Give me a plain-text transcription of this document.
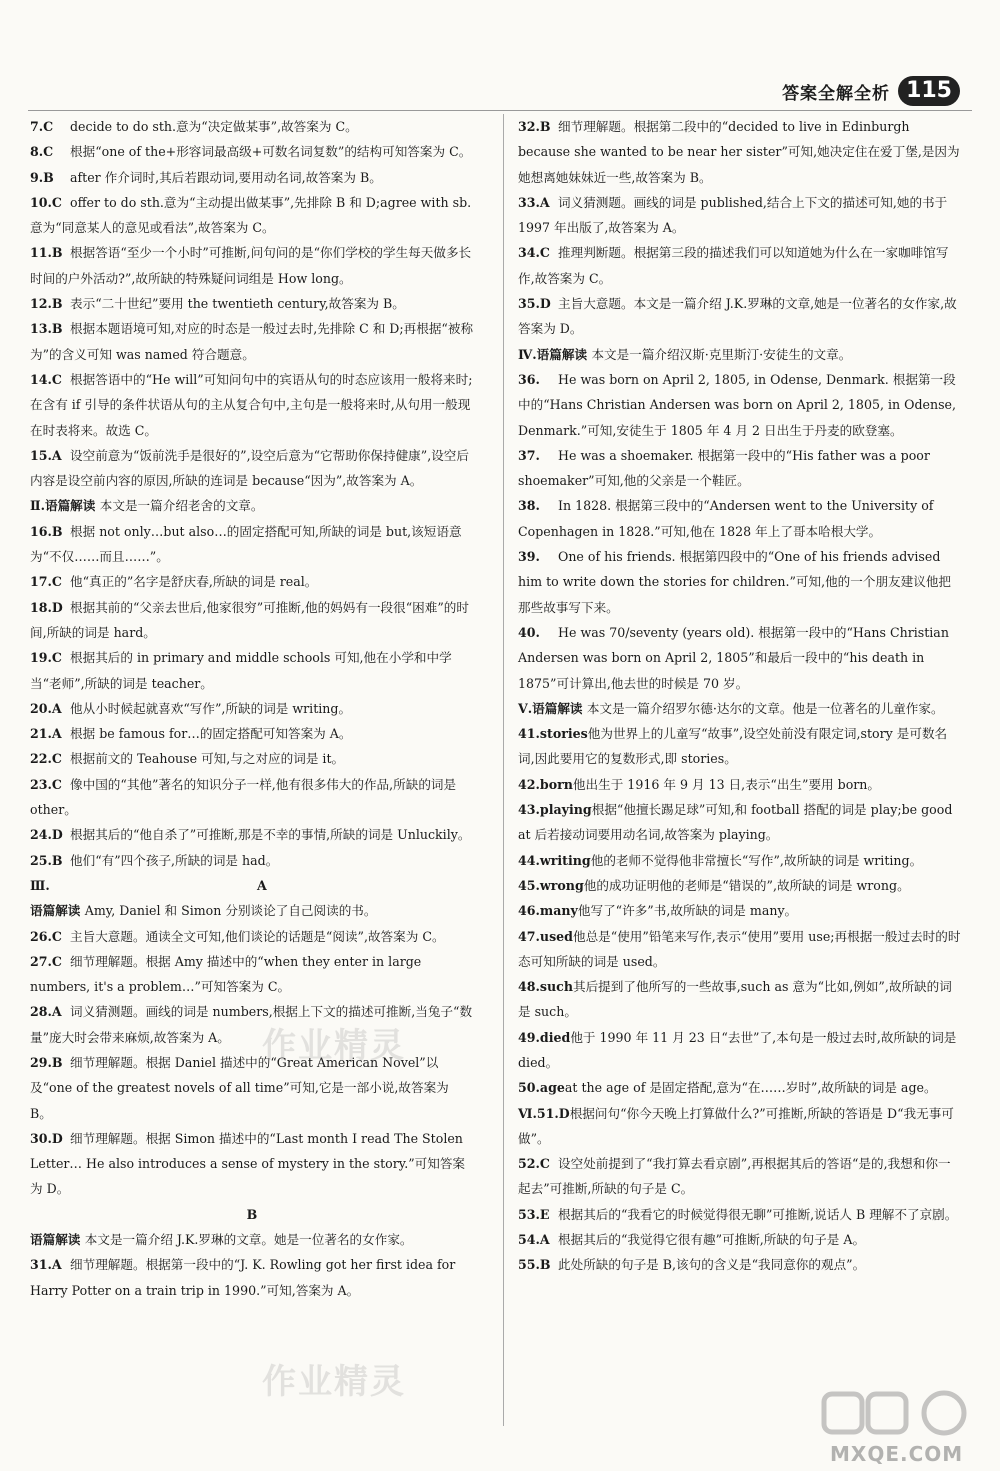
答案全解全析 115
7.C decide to do sth.意为“决定做某事”,故答案为 C。
8.C 根据“one of the+形容词最高级+可数名词复数”的结构可知答案为 C。
9.B after 作介词时,其后若跟动词,要用动名词,故答案为 B。
10.C offer to do sth.意为“主动提出做某事”,先排除 B 和 D;agree with sb.意为“同意某人的意见或看法”,故答案为 C。
11.B 根据答语“至少一个小时”可推断,问句问的是“你们学校的学生每天做多长时间的户外活动?”,故所缺的特殊疑问词组是 How long。
12.B 表示“二十世纪”要用 the twentieth century,故答案为 B。
13.B 根据本题语境可知,对应的时态是一般过去时,先排除 C 和 D;再根据“被称为”的含义可知 was named 符合题意。
14.C 根据答语中的“He will”可知问句中的宾语从句的时态应该用一般将来时;在含有 if 引导的条件状语从句的主从复合句中,主句是一般将来时,从句用一般现在时表将来。故选 C。
15.A 设空前意为“饭前洗手是很好的”,设空后意为“它帮助你保持健康”,设空后内容是设空前内容的原因,所缺的连词是 because“因为”,故答案为 A。
Ⅱ.语篇解读 本文是一篇介绍老舍的文章。
16.B 根据 not only…but also…的固定搭配可知,所缺的词是 but,该短语意为“不仅……而且……”。
17.C 他“真正的”名字是舒庆春,所缺的词是 real。
18.D 根据其前的“父亲去世后,他家很穷”可推断,他的妈妈有一段很“困难”的时间,所缺的词是 hard。
19.C 根据其后的 in primary and middle schools 可知,他在小学和中学当“老师”,所缺的词是 teacher。
20.A 他从小时候起就喜欢“写作”,所缺的词是 writing。
21.A 根据 be famous for…的固定搭配可知答案为 A。
22.C 根据前文的 Teahouse 可知,与之对应的词是 it。
23.C 像中国的“其他”著名的知识分子一样,他有很多伟大的作品,所缺的词是 other。
24.D 根据其后的“他自杀了”可推断,那是不幸的事情,所缺的词是 Unluckily。
25.B 他们“有”四个孩子,所缺的词是 had。
Ⅲ.	A
语篇解读 Amy, Daniel 和 Simon 分别谈论了自己阅读的书。
26.C 主旨大意题。通读全文可知,他们谈论的话题是“阅读”,故答案为 C。
27.C 细节理解题。根据 Amy 描述中的“when they enter in large numbers, it's a problem…”可知答案为 C。
28.A 词义猜测题。画线的词是 numbers,根据上下文的描述可推断,当兔子“数量”庞大时会带来麻烦,故答案为 A。
29.B 细节理解题。根据 Daniel 描述中的“Great American Novel”以及“one of the greatest novels of all time”可知,它是一部小说,故答案为 B。
30.D 细节理解题。根据 Simon 描述中的“Last month I read The Stolen Letter… He also introduces a sense of mystery in the story.”可知答案为 D。
B
语篇解读 本文是一篇介绍 J.K.罗琳的文章。她是一位著名的女作家。
31.A 细节理解题。根据第一段中的“J. K. Rowling got her first idea for Harry Potter on a train trip in 1990.”可知,答案为 A。
32.B 细节理解题。根据第二段中的“decided to live in Edinburgh because she wanted to be near her sister”可知,她决定住在爱丁堡,是因为她想离她妹妹近一些,故答案为 B。
33.A 词义猜测题。画线的词是 published,结合上下文的描述可知,她的书于 1997 年出版了,故答案为 A。
34.C 推理判断题。根据第三段的描述我们可以知道她为什么在一家咖啡馆写作,故答案为 C。
35.D 主旨大意题。本文是一篇介绍 J.K.罗琳的文章,她是一位著名的女作家,故答案为 D。
Ⅳ.语篇解读 本文是一篇介绍汉斯·克里斯汀·安徒生的文章。
36. He was born on April 2, 1805, in Odense, Denmark. 根据第一段中的“Hans Christian Andersen was born on April 2, 1805, in Odense, Denmark.”可知,安徒生于 1805 年 4 月 2 日出生于丹麦的欧登塞。
37. He was a shoemaker. 根据第一段中的“His father was a poor shoemaker”可知,他的父亲是一个鞋匠。
38. In 1828. 根据第三段中的“Andersen went to the University of Copenhagen in 1828.”可知,他在 1828 年上了哥本哈根大学。
39. One of his friends. 根据第四段中的“One of his friends advised him to write down the stories for children.”可知,他的一个朋友建议他把那些故事写下来。
40. He was 70/seventy (years old). 根据第一段中的“Hans Christian Andersen was born on April 2, 1805”和最后一段中的“his death in 1875”可计算出,他去世的时候是 70 岁。
Ⅴ.语篇解读 本文是一篇介绍罗尔德·达尔的文章。他是一位著名的儿童作家。
41.stories他为世界上的儿童写“故事”,设空处前没有限定词,story 是可数名词,因此要用它的复数形式,即 stories。
42.born他出生于 1916 年 9 月 13 日,表示“出生”要用 born。
43.playing根据“他擅长踢足球”可知,和 football 搭配的词是 play;be good at 后若接动词要用动名词,故答案为 playing。
44.writing他的老师不觉得他非常擅长“写作”,故所缺的词是 writing。
45.wrong他的成功证明他的老师是“错误的”,故所缺的词是 wrong。
46.many他写了“许多”书,故所缺的词是 many。
47.used他总是“使用”铅笔来写作,表示“使用”要用 use;再根据一般过去时的时态可知所缺的词是 used。
48.such其后提到了他所写的一些故事,such as 意为“比如,例如”,故所缺的词是 such。
49.died他于 1990 年 11 月 23 日“去世”了,本句是一般过去时,故所缺的词是 died。
50.ageat the age of 是固定搭配,意为“在……岁时”,故所缺的词是 age。
Ⅵ.51.D根据问句“你今天晚上打算做什么?”可推断,所缺的答语是 D“我无事可做”。
52.C 设空处前提到了“我打算去看京剧”,再根据其后的答语“是的,我想和你一起去”可推断,所缺的句子是 C。
53.E 根据其后的“我看它的时候觉得很无聊”可推断,说话人 B 理解不了京剧。
54.A 根据其后的“我觉得它很有趣”可推断,所缺的句子是 A。
55.B 此处所缺的句子是 B,该句的含义是“我同意你的观点”。
作业精灵
作业精灵
MXQE.COM
